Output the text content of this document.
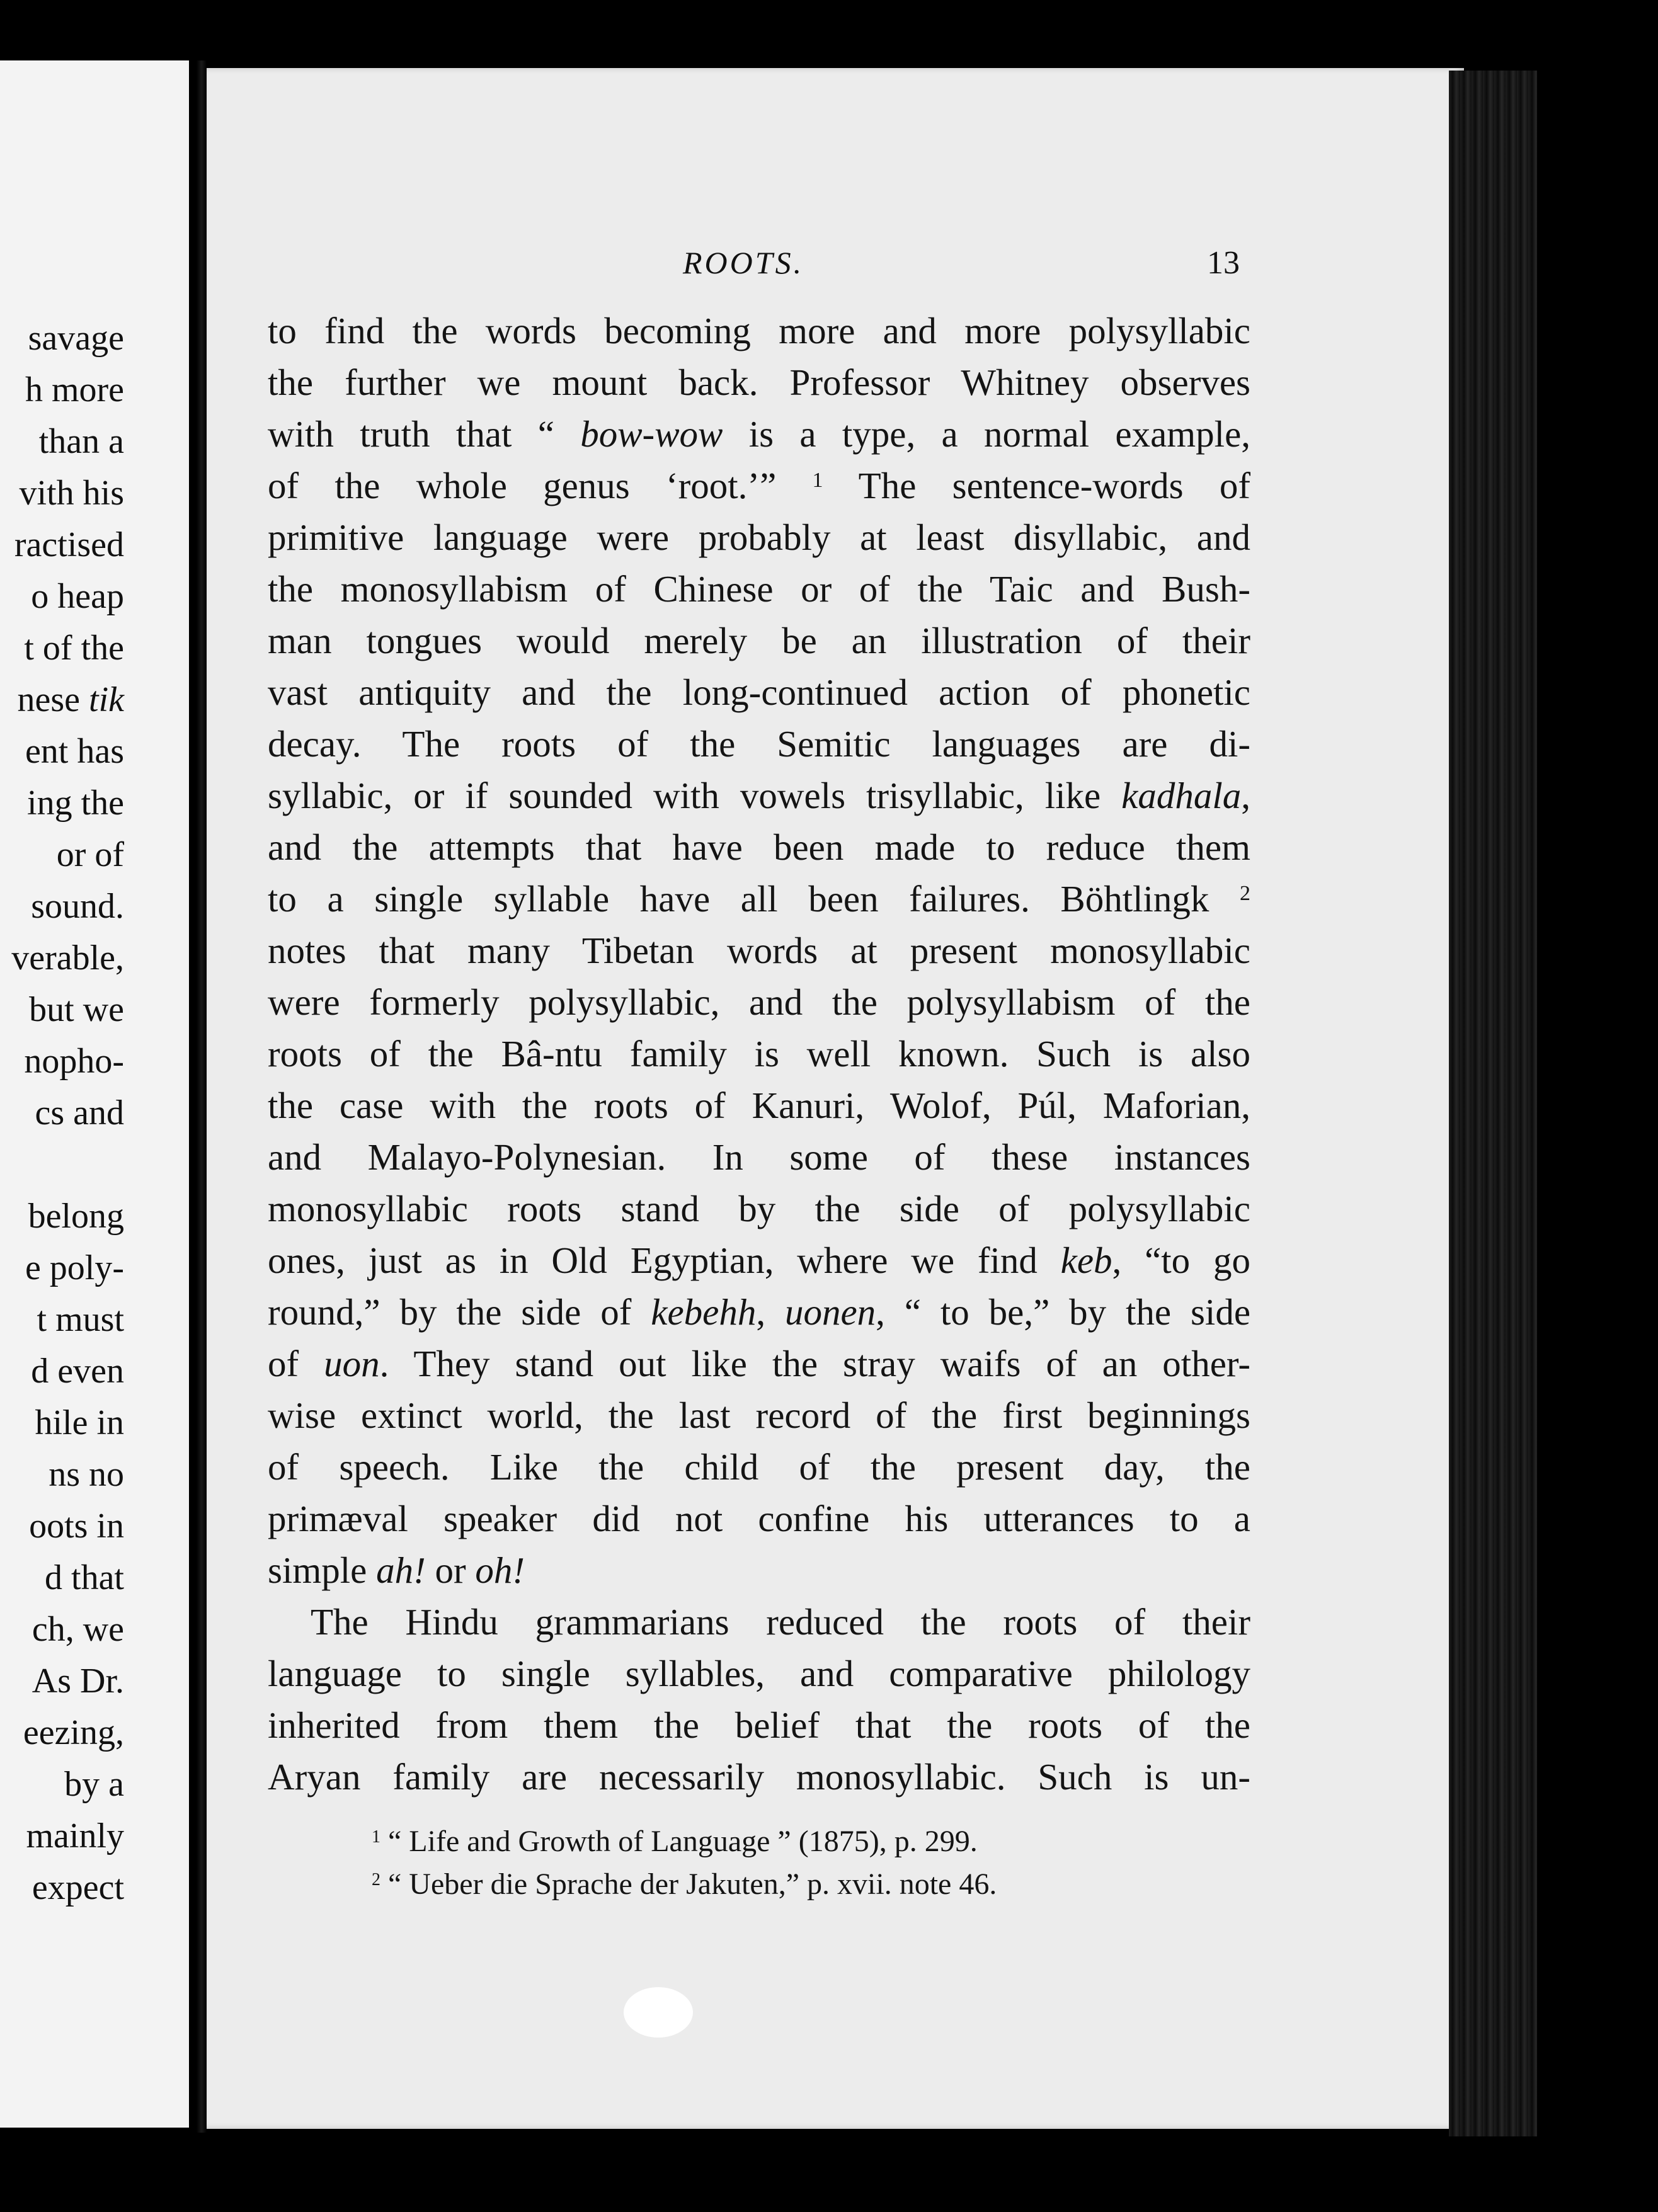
savage
h more
than a
vith his
ractised
o heap
t of the
nese tik
ent has
ing the
or of
sound.
verable,
but we
nopho-
cs and
belong
e poly-
t must
d even
hile in
ns no
oots in
d that
ch, we
As Dr.
eezing,
by a
mainly
expect
ROOTS.	13
to find the words becoming more and more polysyllabic
the further we mount back. Professor Whitney observes
with truth that “ bow-wow is a type, a normal example,
of the whole genus ‘root.’” $^1$ The sentence-words of
primitive language were probably at least disyllabic, and
the monosyllabism of Chinese or of the Taic and Bush-
man tongues would merely be an illustration of their
vast antiquity and the long-continued action of phonetic
decay. The roots of the Semitic languages are di-
syllabic, or if sounded with vowels trisyllabic, like kadhala,
and the attempts that have been made to reduce them
to a single syllable have all been failures. Böhtlingk $^2$
notes that many Tibetan words at present monosyllabic
were formerly polysyllabic, and the polysyllabism of the
roots of the Bâ-ntu family is well known. Such is also
the case with the roots of Kanuri, Wolof, Púl, Maforian,
and Malayo-Polynesian. In some of these instances
monosyllabic roots stand by the side of polysyllabic
ones, just as in Old Egyptian, where we find keb, “to go
round,” by the side of kebehh, uonen, “ to be,” by the side
of uon. They stand out like the stray waifs of an other-
wise extinct world, the last record of the first beginnings
of speech. Like the child of the present day, the
primæval speaker did not confine his utterances to a
simple ah! or oh!
The Hindu grammarians reduced the roots of their
language to single syllables, and comparative philology
inherited from them the belief that the roots of the
Aryan family are necessarily monosyllabic. Such is un-
$^1$ “ Life and Growth of Language ” (1875), p. 299.
$^2$ “ Ueber die Sprache der Jakuten,” p. xvii. note 46.
